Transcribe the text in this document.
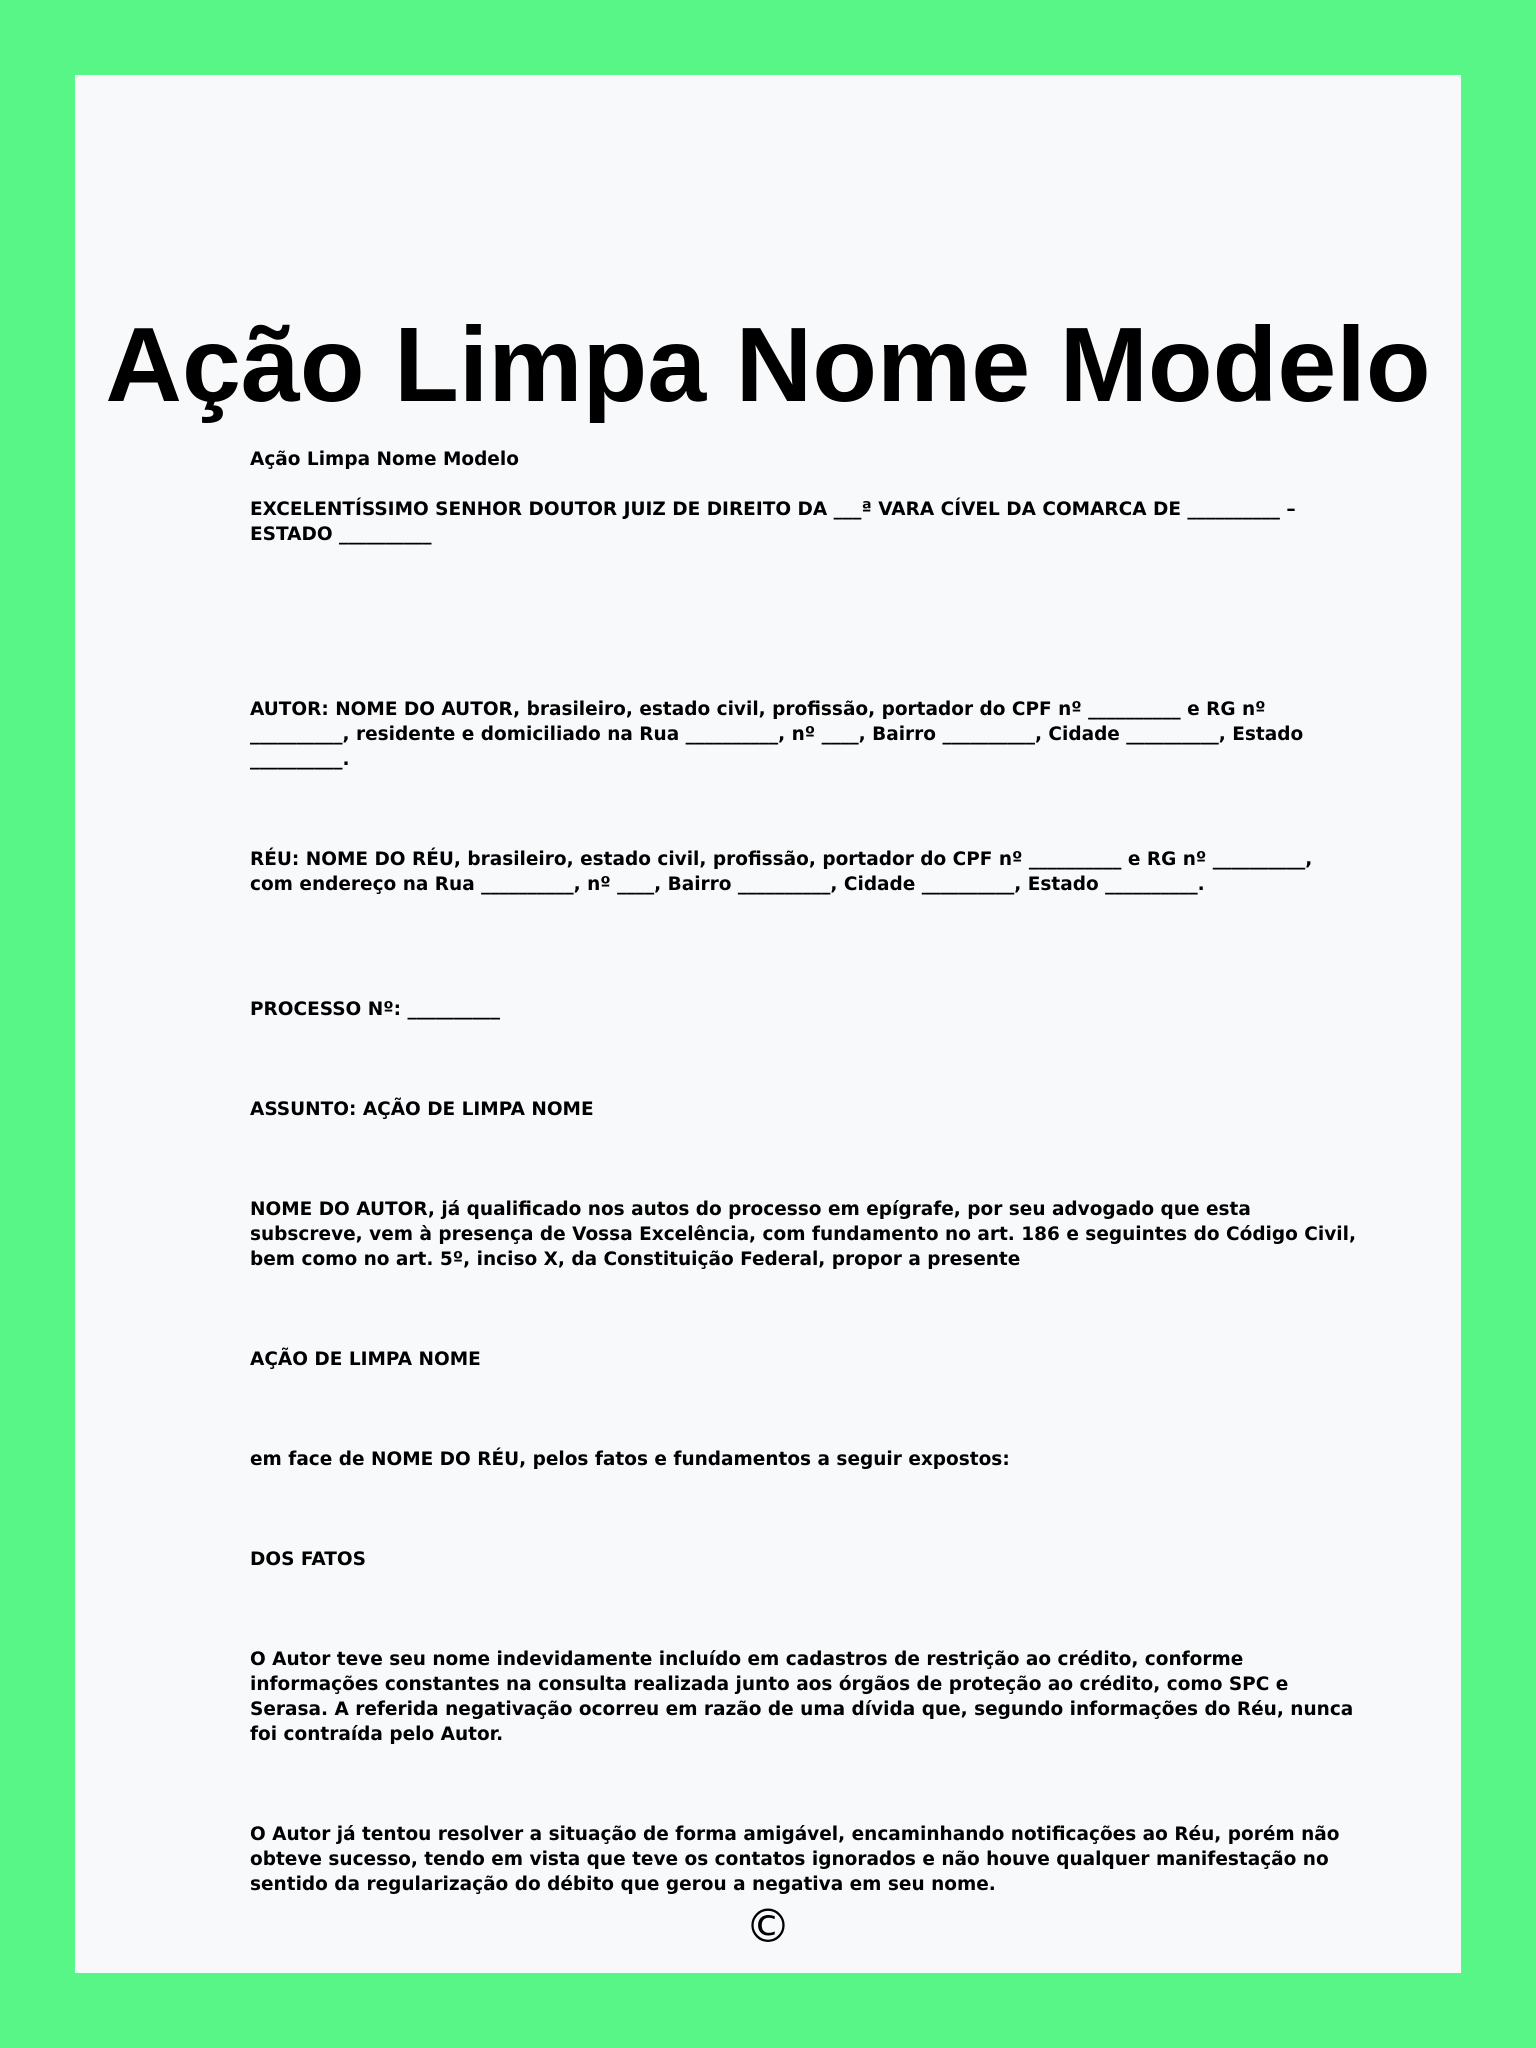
Ação Limpa Nome Modelo

Ação Limpa Nome Modelo

EXCELENTÍSSIMO SENHOR DOUTOR JUIZ DE DIREITO DA ___ª VARA CÍVEL DA COMARCA DE __________ – ESTADO __________

AUTOR: NOME DO AUTOR, brasileiro, estado civil, profissão, portador do CPF nº __________ e RG nº __________, residente e domiciliado na Rua __________, nº ____, Bairro __________, Cidade __________, Estado __________.

RÉU: NOME DO RÉU, brasileiro, estado civil, profissão, portador do CPF nº __________ e RG nº __________, com endereço na Rua __________, nº ____, Bairro __________, Cidade __________, Estado __________.

PROCESSO Nº: __________

ASSUNTO: AÇÃO DE LIMPA NOME

NOME DO AUTOR, já qualificado nos autos do processo em epígrafe, por seu advogado que esta subscreve, vem à presença de Vossa Excelência, com fundamento no art. 186 e seguintes do Código Civil, bem como no art. 5º, inciso X, da Constituição Federal, propor a presente

AÇÃO DE LIMPA NOME

em face de NOME DO RÉU, pelos fatos e fundamentos a seguir expostos:

DOS FATOS

O Autor teve seu nome indevidamente incluído em cadastros de restrição ao crédito, conforme informações constantes na consulta realizada junto aos órgãos de proteção ao crédito, como SPC e Serasa. A referida negativação ocorreu em razão de uma dívida que, segundo informações do Réu, nunca foi contraída pelo Autor.

O Autor já tentou resolver a situação de forma amigável, encaminhando notificações ao Réu, porém não obteve sucesso, tendo em vista que teve os contatos ignorados e não houve qualquer manifestação no sentido da regularização do débito que gerou a negativa em seu nome.

©
